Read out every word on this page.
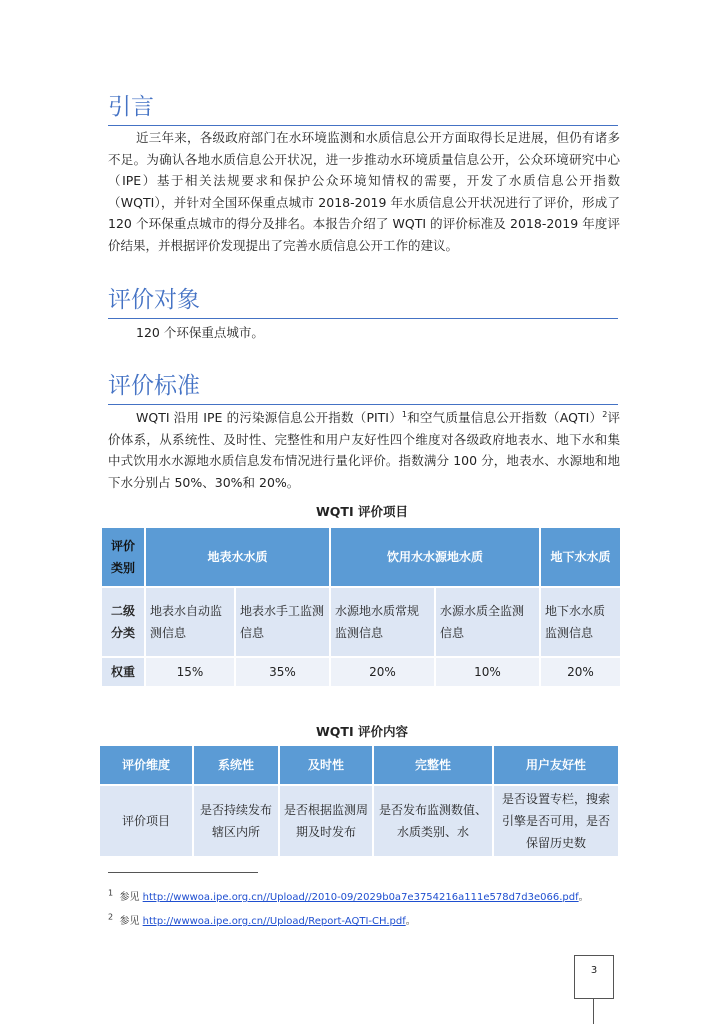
引言
近三年来，各级政府部门在水环境监测和水质信息公开方面取得长足进展，但仍有诸多不足。为确认各地水质信息公开状况，进一步推动水环境质量信息公开，公众环境研究中心（IPE）基于相关法规要求和保护公众环境知情权的需要，开发了水质信息公开指数（WQTI），并针对全国环保重点城市 2018-2019 年水质信息公开状况进行了评价，形成了 120 个环保重点城市的得分及排名。本报告介绍了 WQTI 的评价标准及 2018-2019 年度评价结果，并根据评价发现提出了完善水质信息公开工作的建议。
评价对象
120 个环保重点城市。
评价标准
WQTI 沿用 IPE 的污染源信息公开指数（PITI）$^1$和空气质量信息公开指数（AQTI）$^2$评价体系，从系统性、及时性、完整性和用户友好性四个维度对各级政府地表水、地下水和集中式饮用水水源地水质信息发布情况进行量化评价。指数满分 100 分，地表水、水源地和地下水分别占 50%、30%和 20%。
WQTI 评价项目
评价类别	地表水水质		饮用水水源地水质		地下水水质
二级分类	地表水自动监测信息	地表水手工监测信息	水源地水质常规监测信息	水源水质全监测信息	地下水水质监测信息
权重	15%	35%	20%	10%	20%
WQTI 评价内容
评价维度	系统性	及时性	完整性	用户友好性
评价项目	是否持续发布辖区内所	是否根据监测周期及时发布	是否发布监测数值、水质类别、水	是否设置专栏，搜索引擎是否可用，是否保留历史数
$^1$ 参见 http://wwwoa.ipe.org.cn//Upload//2010-09/2029b0a7e3754216a111e578d7d3e066.pdf。
$^2$ 参见 http://wwwoa.ipe.org.cn//Upload/Report-AQTI-CH.pdf。
3
